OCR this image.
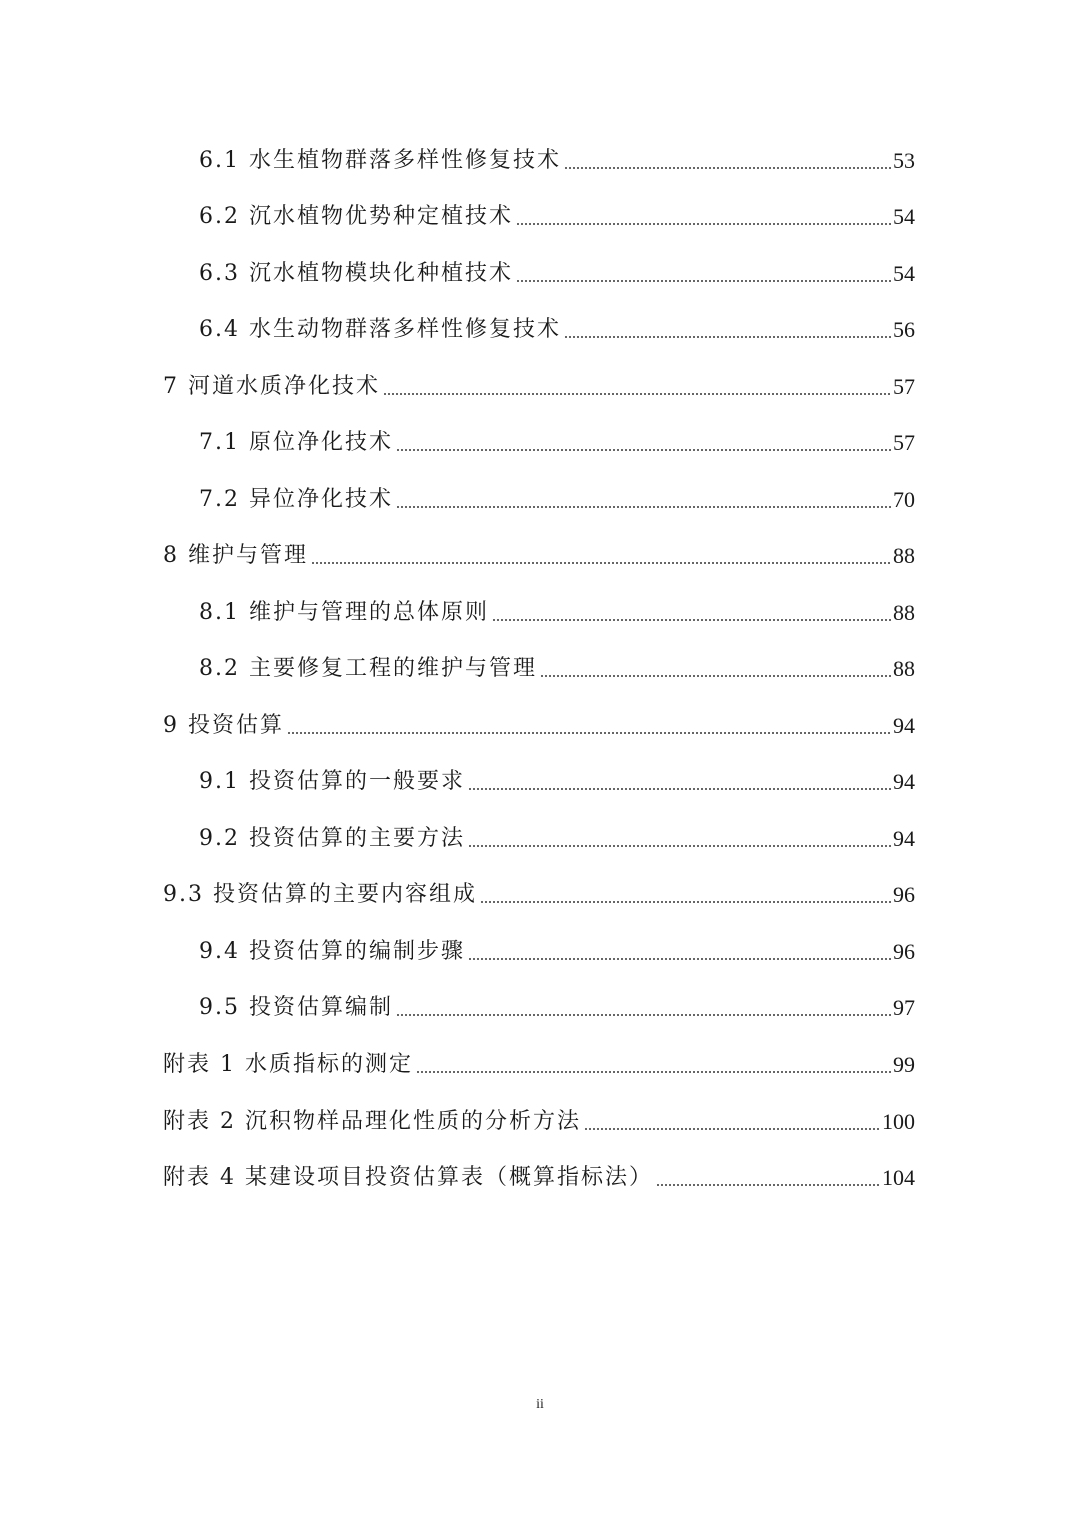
6.1 水生植物群落多样性修复技术	53
6.2 沉水植物优势种定植技术	54
6.3 沉水植物模块化种植技术	54
6.4 水生动物群落多样性修复技术	56
7 河道水质净化技术	57
7.1 原位净化技术	57
7.2 异位净化技术	70
8 维护与管理	88
8.1 维护与管理的总体原则	88
8.2 主要修复工程的维护与管理	88
9 投资估算	94
9.1 投资估算的一般要求	94
9.2 投资估算的主要方法	94
9.3 投资估算的主要内容组成	96
9.4 投资估算的编制步骤	96
9.5 投资估算编制	97
附表 1 水质指标的测定	99
附表 2 沉积物样品理化性质的分析方法	100
附表 4 某建设项目投资估算表（概算指标法）	104
ii
